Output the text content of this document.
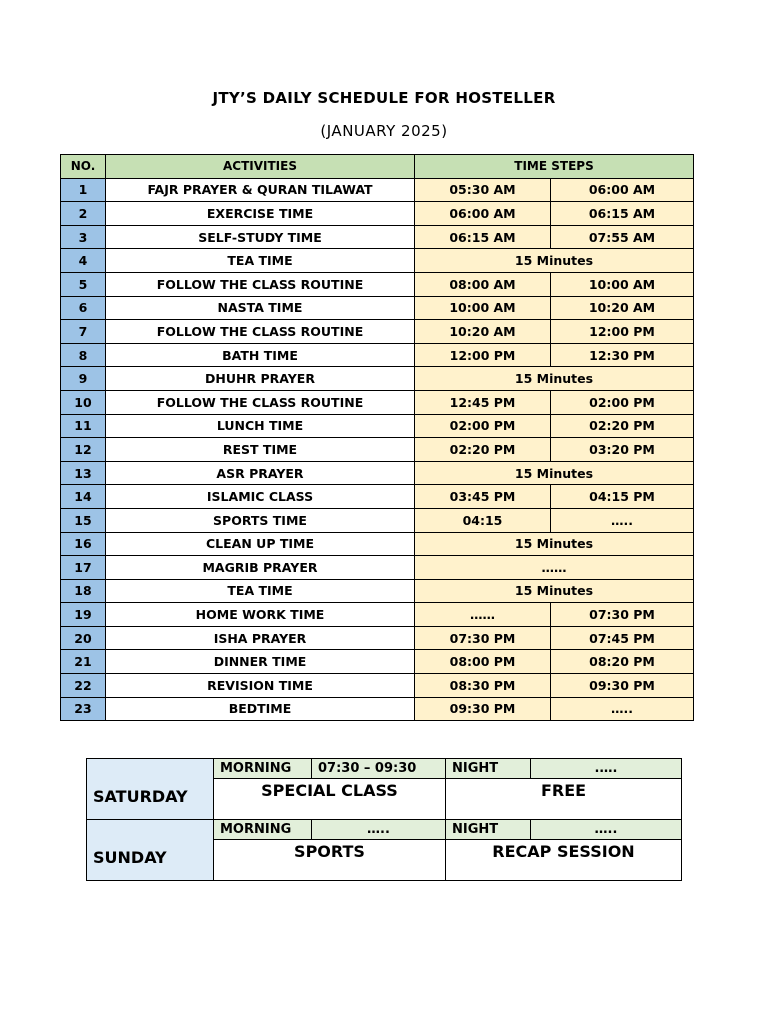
JTY’S DAILY SCHEDULE FOR HOSTELLER
(JANUARY 2025)
NO.	ACTIVITIES	TIME STEPS	
1	FAJR PRAYER & QURAN TILAWAT	05:30 AM	06:00 AM
2	EXERCISE TIME	06:00 AM	06:15 AM
3	SELF-STUDY TIME	06:15 AM	07:55 AM
4	TEA TIME	15 Minutes	
5	FOLLOW THE CLASS ROUTINE	08:00 AM	10:00 AM
6	NASTA TIME	10:00 AM	10:20 AM
7	FOLLOW THE CLASS ROUTINE	10:20 AM	12:00 PM
8	BATH TIME	12:00 PM	12:30 PM
9	DHUHR PRAYER	15 Minutes	
10	FOLLOW THE CLASS ROUTINE	12:45 PM	02:00 PM
11	LUNCH TIME	02:00 PM	02:20 PM
12	REST TIME	02:20 PM	03:20 PM
13	ASR PRAYER	15 Minutes	
14	ISLAMIC CLASS	03:45 PM	04:15 PM
15	SPORTS TIME	04:15	…..
16	CLEAN UP TIME	15 Minutes	
17	MAGRIB PRAYER	……	
18	TEA TIME	15 Minutes	
19	HOME WORK TIME	……	07:30 PM
20	ISHA PRAYER	07:30 PM	07:45 PM
21	DINNER TIME	08:00 PM	08:20 PM
22	REVISION TIME	08:30 PM	09:30 PM
23	BEDTIME	09:30 PM	…..
SATURDAY	MORNING	07:30 – 09:30	NIGHT	.….
	SPECIAL CLASS		FREE	
SUNDAY	MORNING	…..	NIGHT	…..
	SPORTS		RECAP SESSION	
